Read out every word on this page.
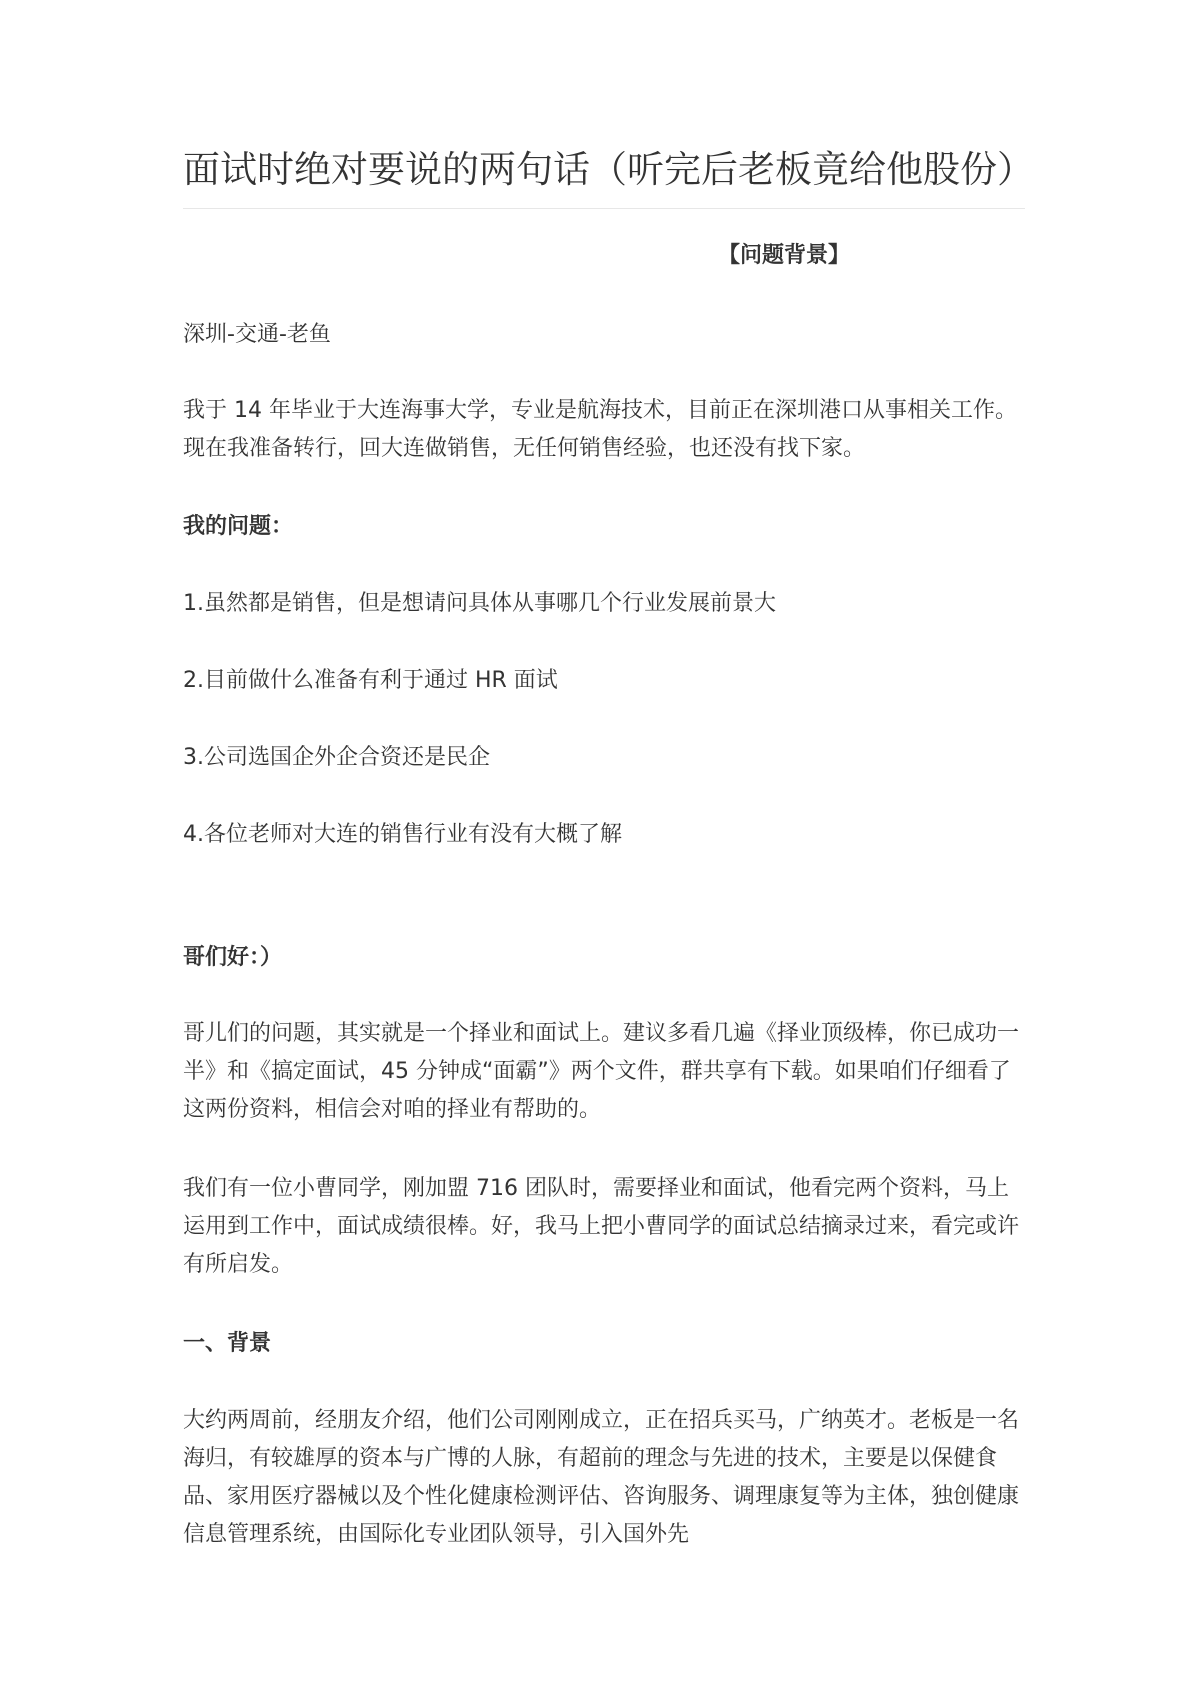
面试时绝对要说的两句话（听完后老板竟给他股份）
【问题背景】

深圳-交通-老鱼

我于 14 年毕业于大连海事大学，专业是航海技术，目前正在深圳港口从事相关工作。现在我准备转行，回大连做销售，无任何销售经验，也还没有找下家。

我的问题：

1.虽然都是销售，但是想请问具体从事哪几个行业发展前景大

2.目前做什么准备有利于通过 HR 面试

3.公司选国企外企合资还是民企

4.各位老师对大连的销售行业有没有大概了解

哥们好：）

哥儿们的问题，其实就是一个择业和面试上。建议多看几遍《择业顶级棒，你已成功一半》和《搞定面试，45 分钟成“面霸”》两个文件，群共享有下载。如果咱们仔细看了这两份资料，相信会对咱的择业有帮助的。

我们有一位小曹同学，刚加盟 716 团队时，需要择业和面试，他看完两个资料，马上运用到工作中，面试成绩很棒。好，我马上把小曹同学的面试总结摘录过来，看完或许有所启发。

一、背景

大约两周前，经朋友介绍，他们公司刚刚成立，正在招兵买马，广纳英才。老板是一名海归，有较雄厚的资本与广博的人脉，有超前的理念与先进的技术，主要是以保健食品、家用医疗器械以及个性化健康检测评估、咨询服务、调理康复等为主体，独创健康信息管理系统，由国际化专业团队领导，引入国外先
